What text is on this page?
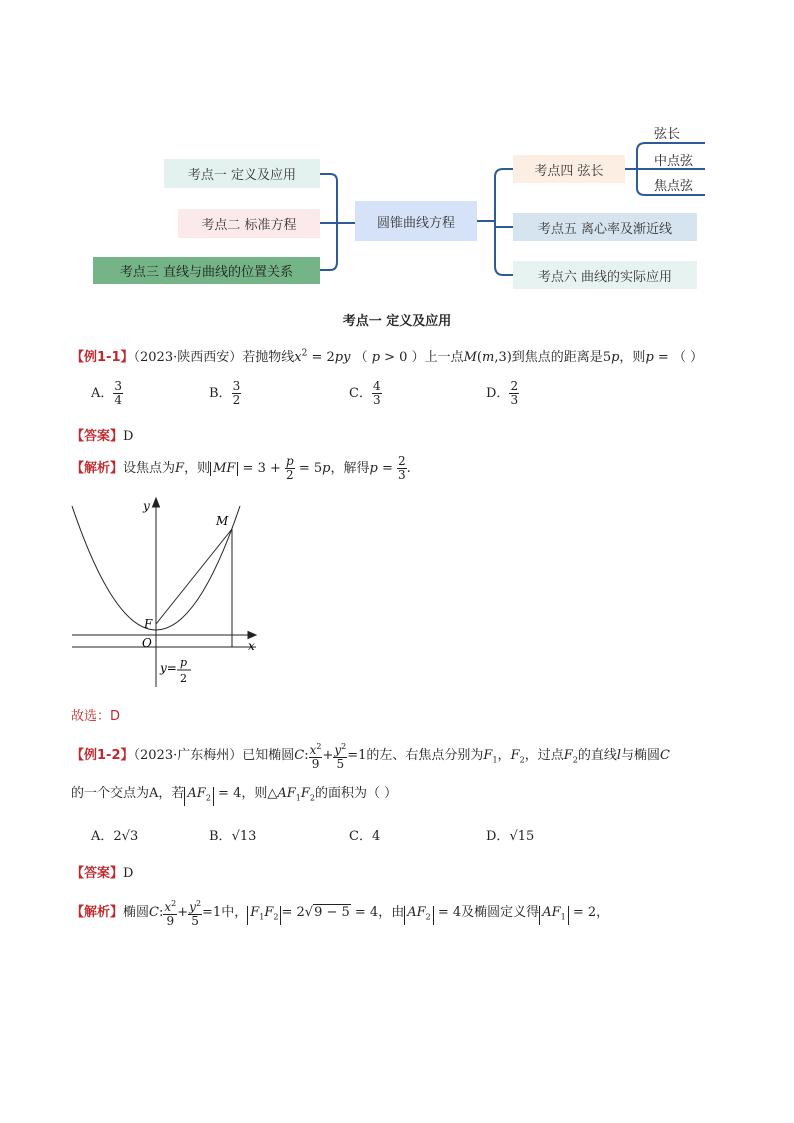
考点一 定义及应用
考点二 标准方程
考点三 直线与曲线的位置关系
圆锥曲线方程
考点四 弦长
考点五 离心率及渐近线
考点六 曲线的实际应用
弦长
中点弦
焦点弦
考点一 定义及应用
【例1-1】（2023·陕西西安）若抛物线$x^2 = 2py$ （ p > 0 ）上一点M(m,3)到焦点的距离是5p，则p = （ ）
A． $\frac{3}{4}$	B． $\frac{3}{2}$	C． $\frac{4}{3}$	D． $\frac{2}{3}$
【答案】D
【解析】设焦点为F，则 MF = $3 + \frac{p}{2} = 5p$，解得$p = \frac{2}{3}$ .
y
x
M
F
O
y= p
2
故选：D
【例1-2】（2023·广东梅州）已知椭圆C: $\frac{x^2}{9} + \frac{y^2}{5} =1$的左、右焦点分别为$F_1$，$F_2$，过点$F_2$的直线l与椭圆C
的一个交点为A，若 $AF_2 = 4$，则$\triangle AF_1F_2$的面积为（ ）
A．2√3	B．√13	C．4	D．√15
【答案】D
【解析】椭圆C: $\frac{x^2}{9} + \frac{y^2}{5} =1$中， $F_1F_2 = 2√9 - 5 = 4$，由 $AF_2 = 4$及椭圆定义得 $AF_1 = 2$，
